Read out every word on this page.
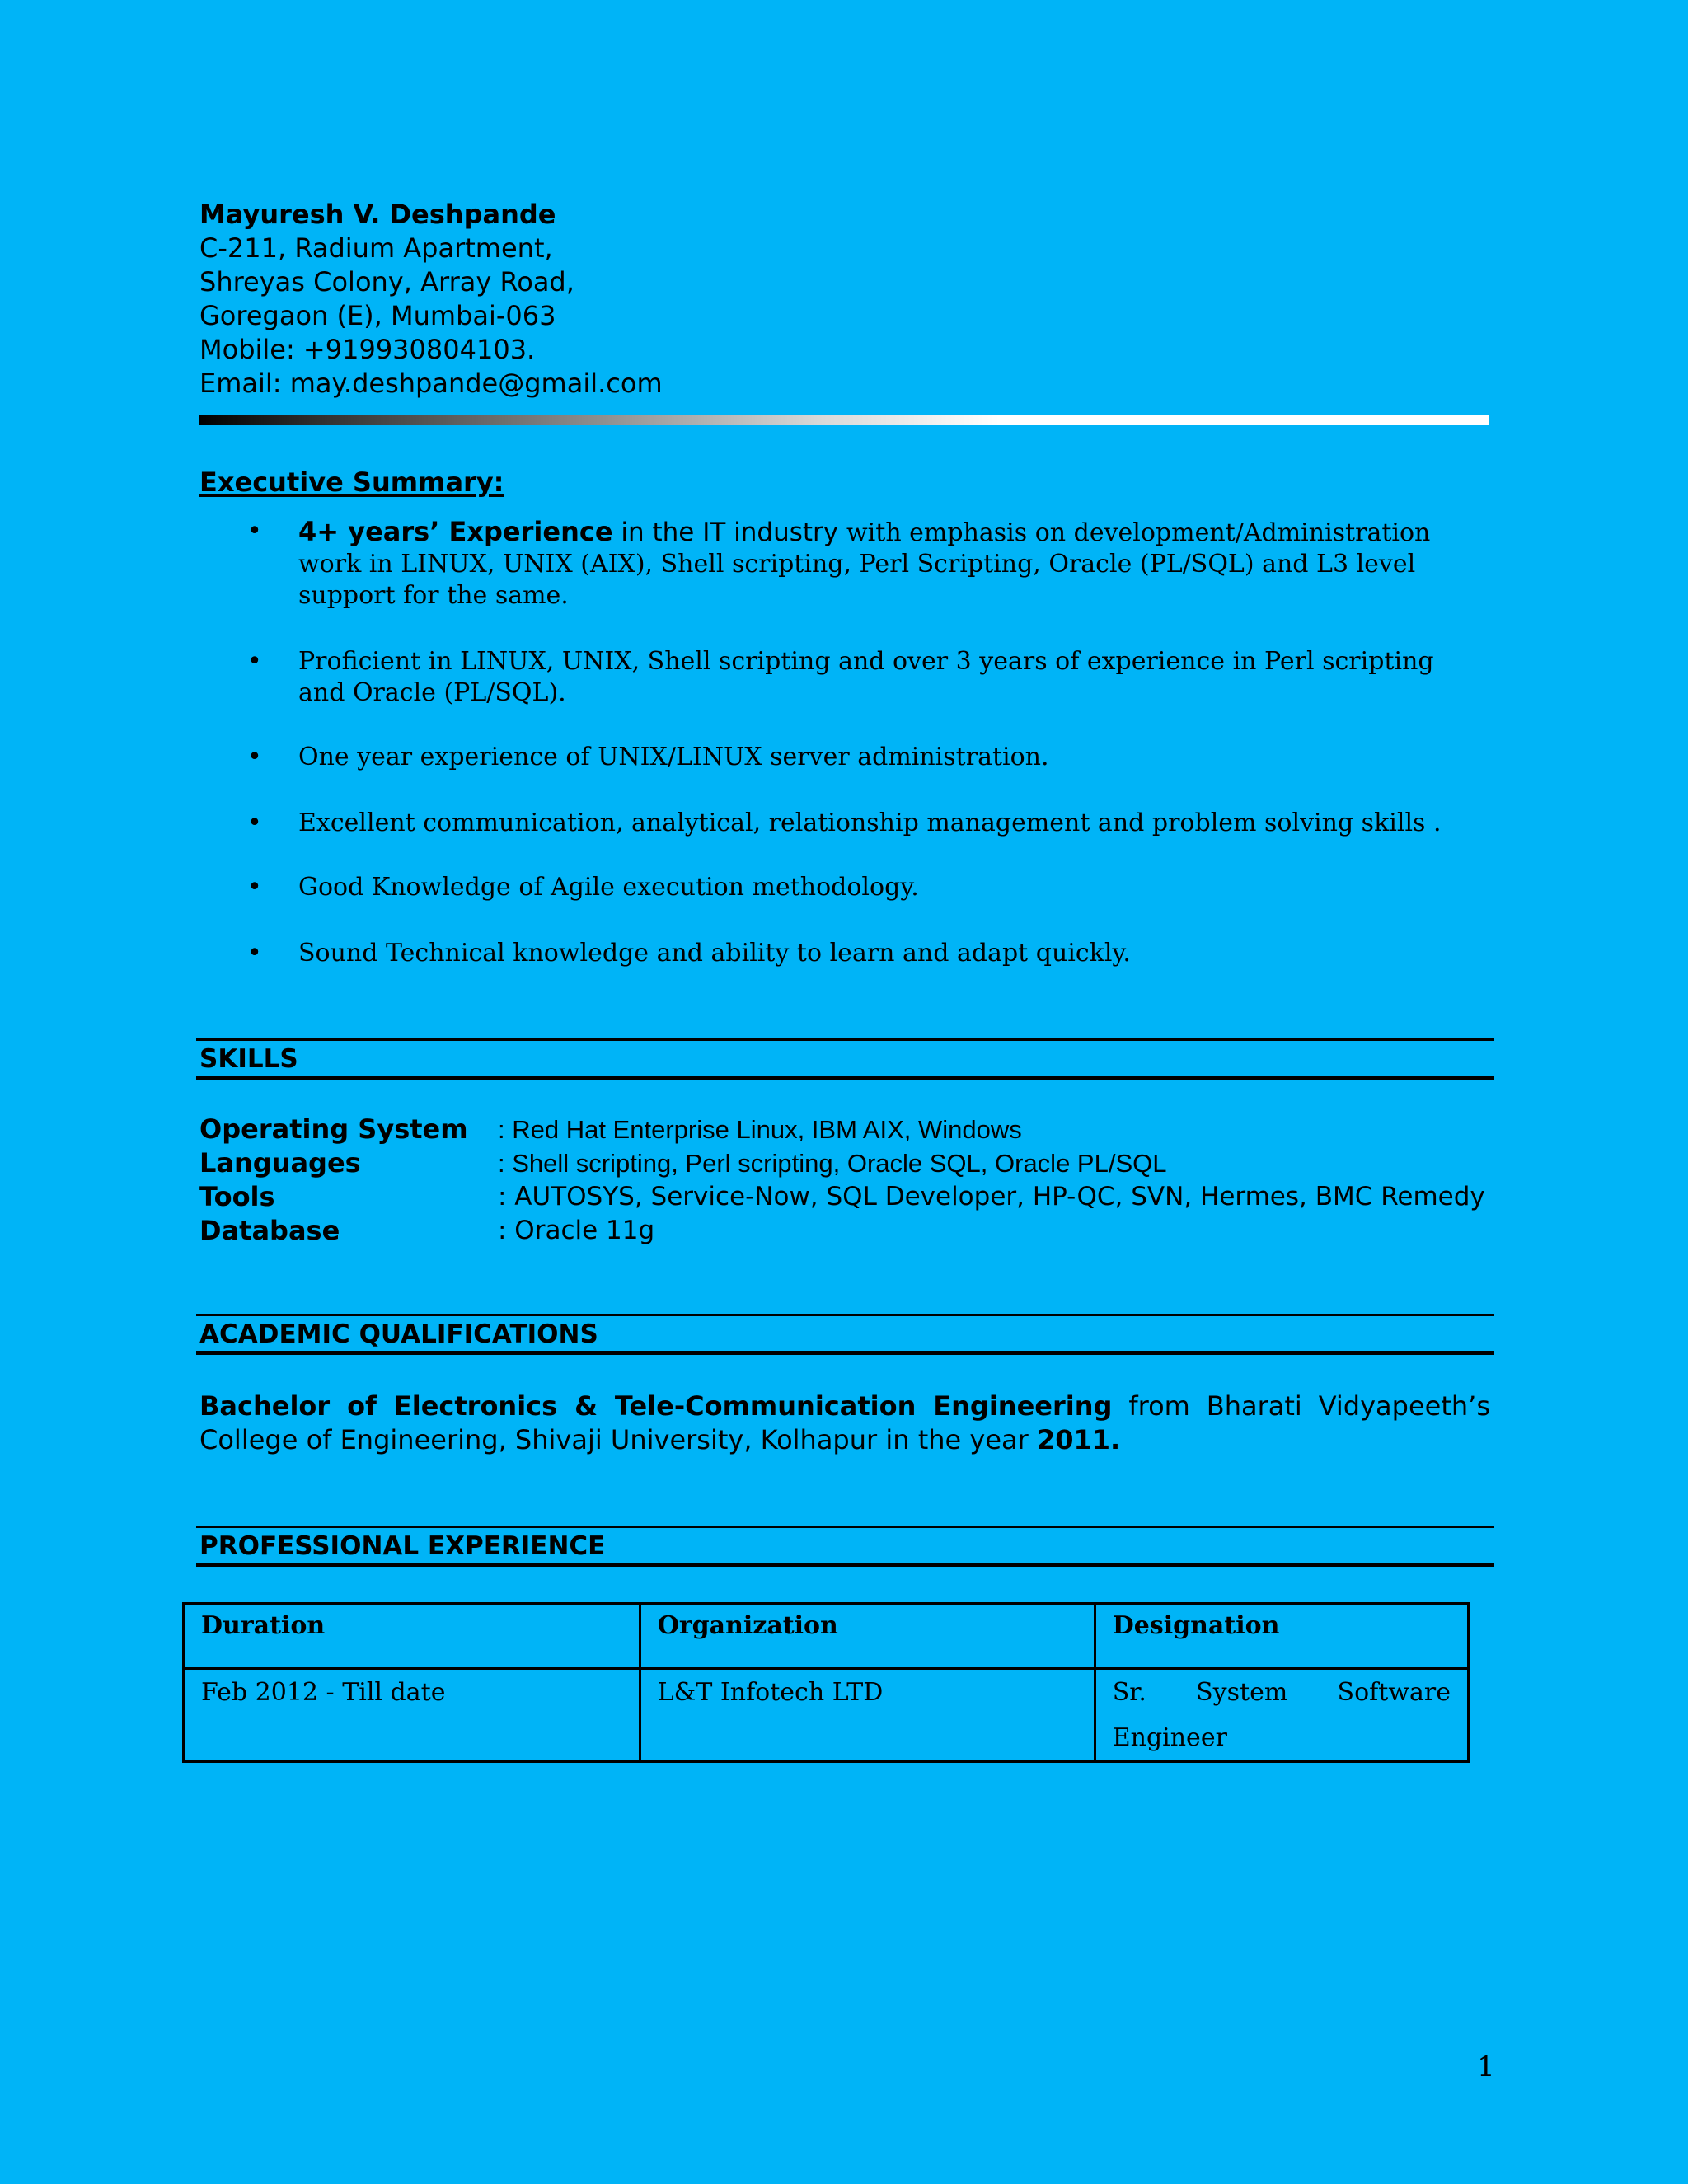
Mayuresh V. Deshpande
C-211, Radium Apartment,
Shreyas Colony, Array Road,
Goregaon (E), Mumbai-063
Mobile: +919930804103.
Email: may.deshpande@gmail.com
Executive Summary:
• 4+ years’ Experience in the IT industry with emphasis on development/Administration work in LINUX, UNIX (AIX), Shell scripting, Perl Scripting, Oracle (PL/SQL) and L3 level support for the same.
• Proficient in LINUX, UNIX, Shell scripting and over 3 years of experience in Perl scripting and Oracle (PL/SQL).
• One year experience of UNIX/LINUX server administration.
• Excellent communication, analytical, relationship management and problem solving skills .
• Good Knowledge of Agile execution methodology.
• Sound Technical knowledge and ability to learn and adapt quickly.
SKILLS
Operating System : Red Hat Enterprise Linux, IBM AIX, Windows
Languages	: Shell scripting, Perl scripting, Oracle SQL, Oracle PL/SQL
Tools	: AUTOSYS, Service-Now, SQL Developer, HP-QC, SVN, Hermes, BMC Remedy
Database	: Oracle 11g
ACADEMIC QUALIFICATIONS
Bachelor of Electronics & Tele-Communication Engineering from Bharati Vidyapeeth’s College of Engineering, Shivaji University, Kolhapur in the year 2011.
PROFESSIONAL EXPERIENCE
Duration	Organization	Designation
Feb 2012 - Till date	L&T Infotech LTD	Sr. System Software Engineer
1
